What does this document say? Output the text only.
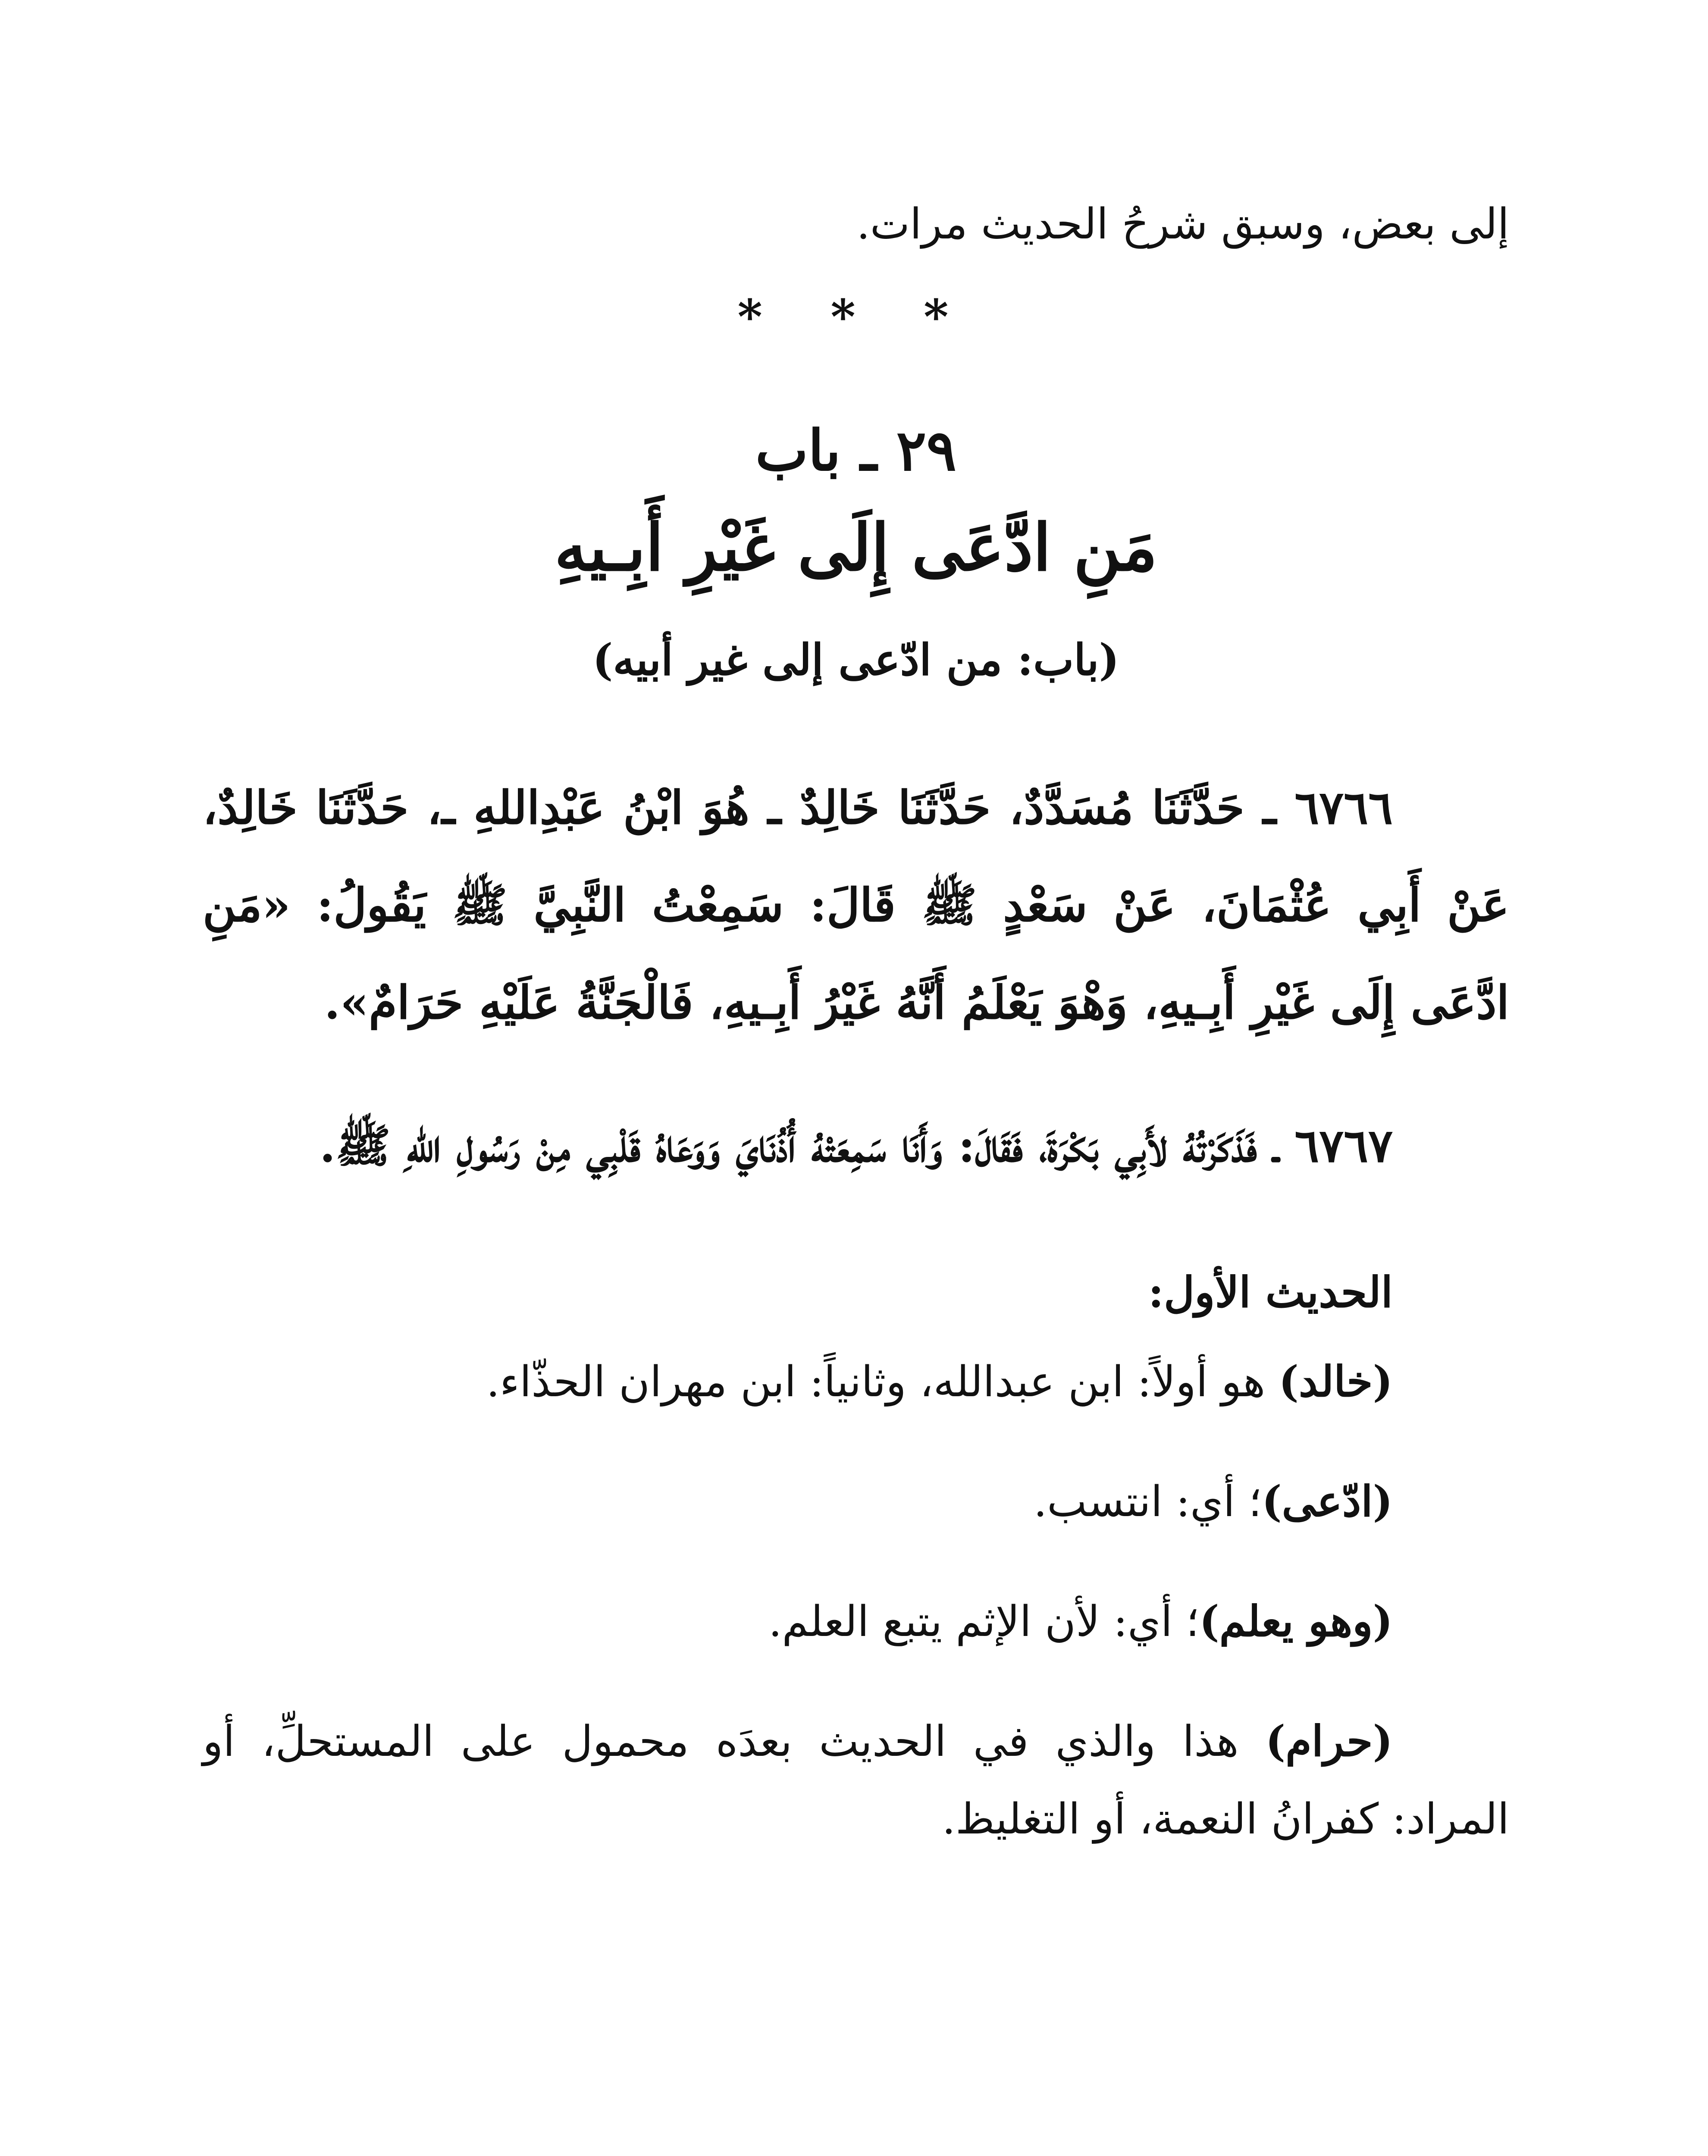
إلى بعض، وسبق شرحُ الحديث مرات.

* * *
٢٩ ـ باب
مَنِ ادَّعَى إِلَى غَيْرِ أَبِـيهِ
(باب: من ادّعى إلى غير أبيه)

٦٧٦٦ ـ حَدَّثَنَا مُسَدَّدٌ، حَدَّثَنَا خَالِدٌ ـ هُوَ ابْنُ عَبْدِاللهِ ـ، حَدَّثَنَا خَالِدٌ، عَنْ أَبِي عُثْمَانَ، عَنْ سَعْدٍ ﷺ قَالَ: سَمِعْتُ النَّبِيَّ ﷺ يَقُولُ: «مَنِ ادَّعَى إِلَى غَيْرِ أَبِـيهِ، وَهْوَ يَعْلَمُ أَنَّهُ غَيْرُ أَبِـيهِ، فَالْجَنَّةُ عَلَيْهِ حَرَامٌ».

٦٧٦٧ ـ فَذَكَرْتُهُ لأَبِي بَكْرَةَ، فَقَالَ: وَأَنَا سَمِعَتْهُ أُذُنَايَ وَوَعَاهُ قَلْبِي مِنْ رَسُولِ اللهِ ﷺ.

الحديث الأول:

(خالد) هو أولاً: ابن عبدالله، وثانياً: ابن مهران الحذّاء.

(ادّعى)؛ أي: انتسب.

(وهو يعلم)؛ أي: لأن الإثم يتبع العلم.

(حرام) هذا والذي في الحديث بعدَه محمول على المستحلِّ، أو المراد: كفرانُ النعمة، أو التغليظ.
